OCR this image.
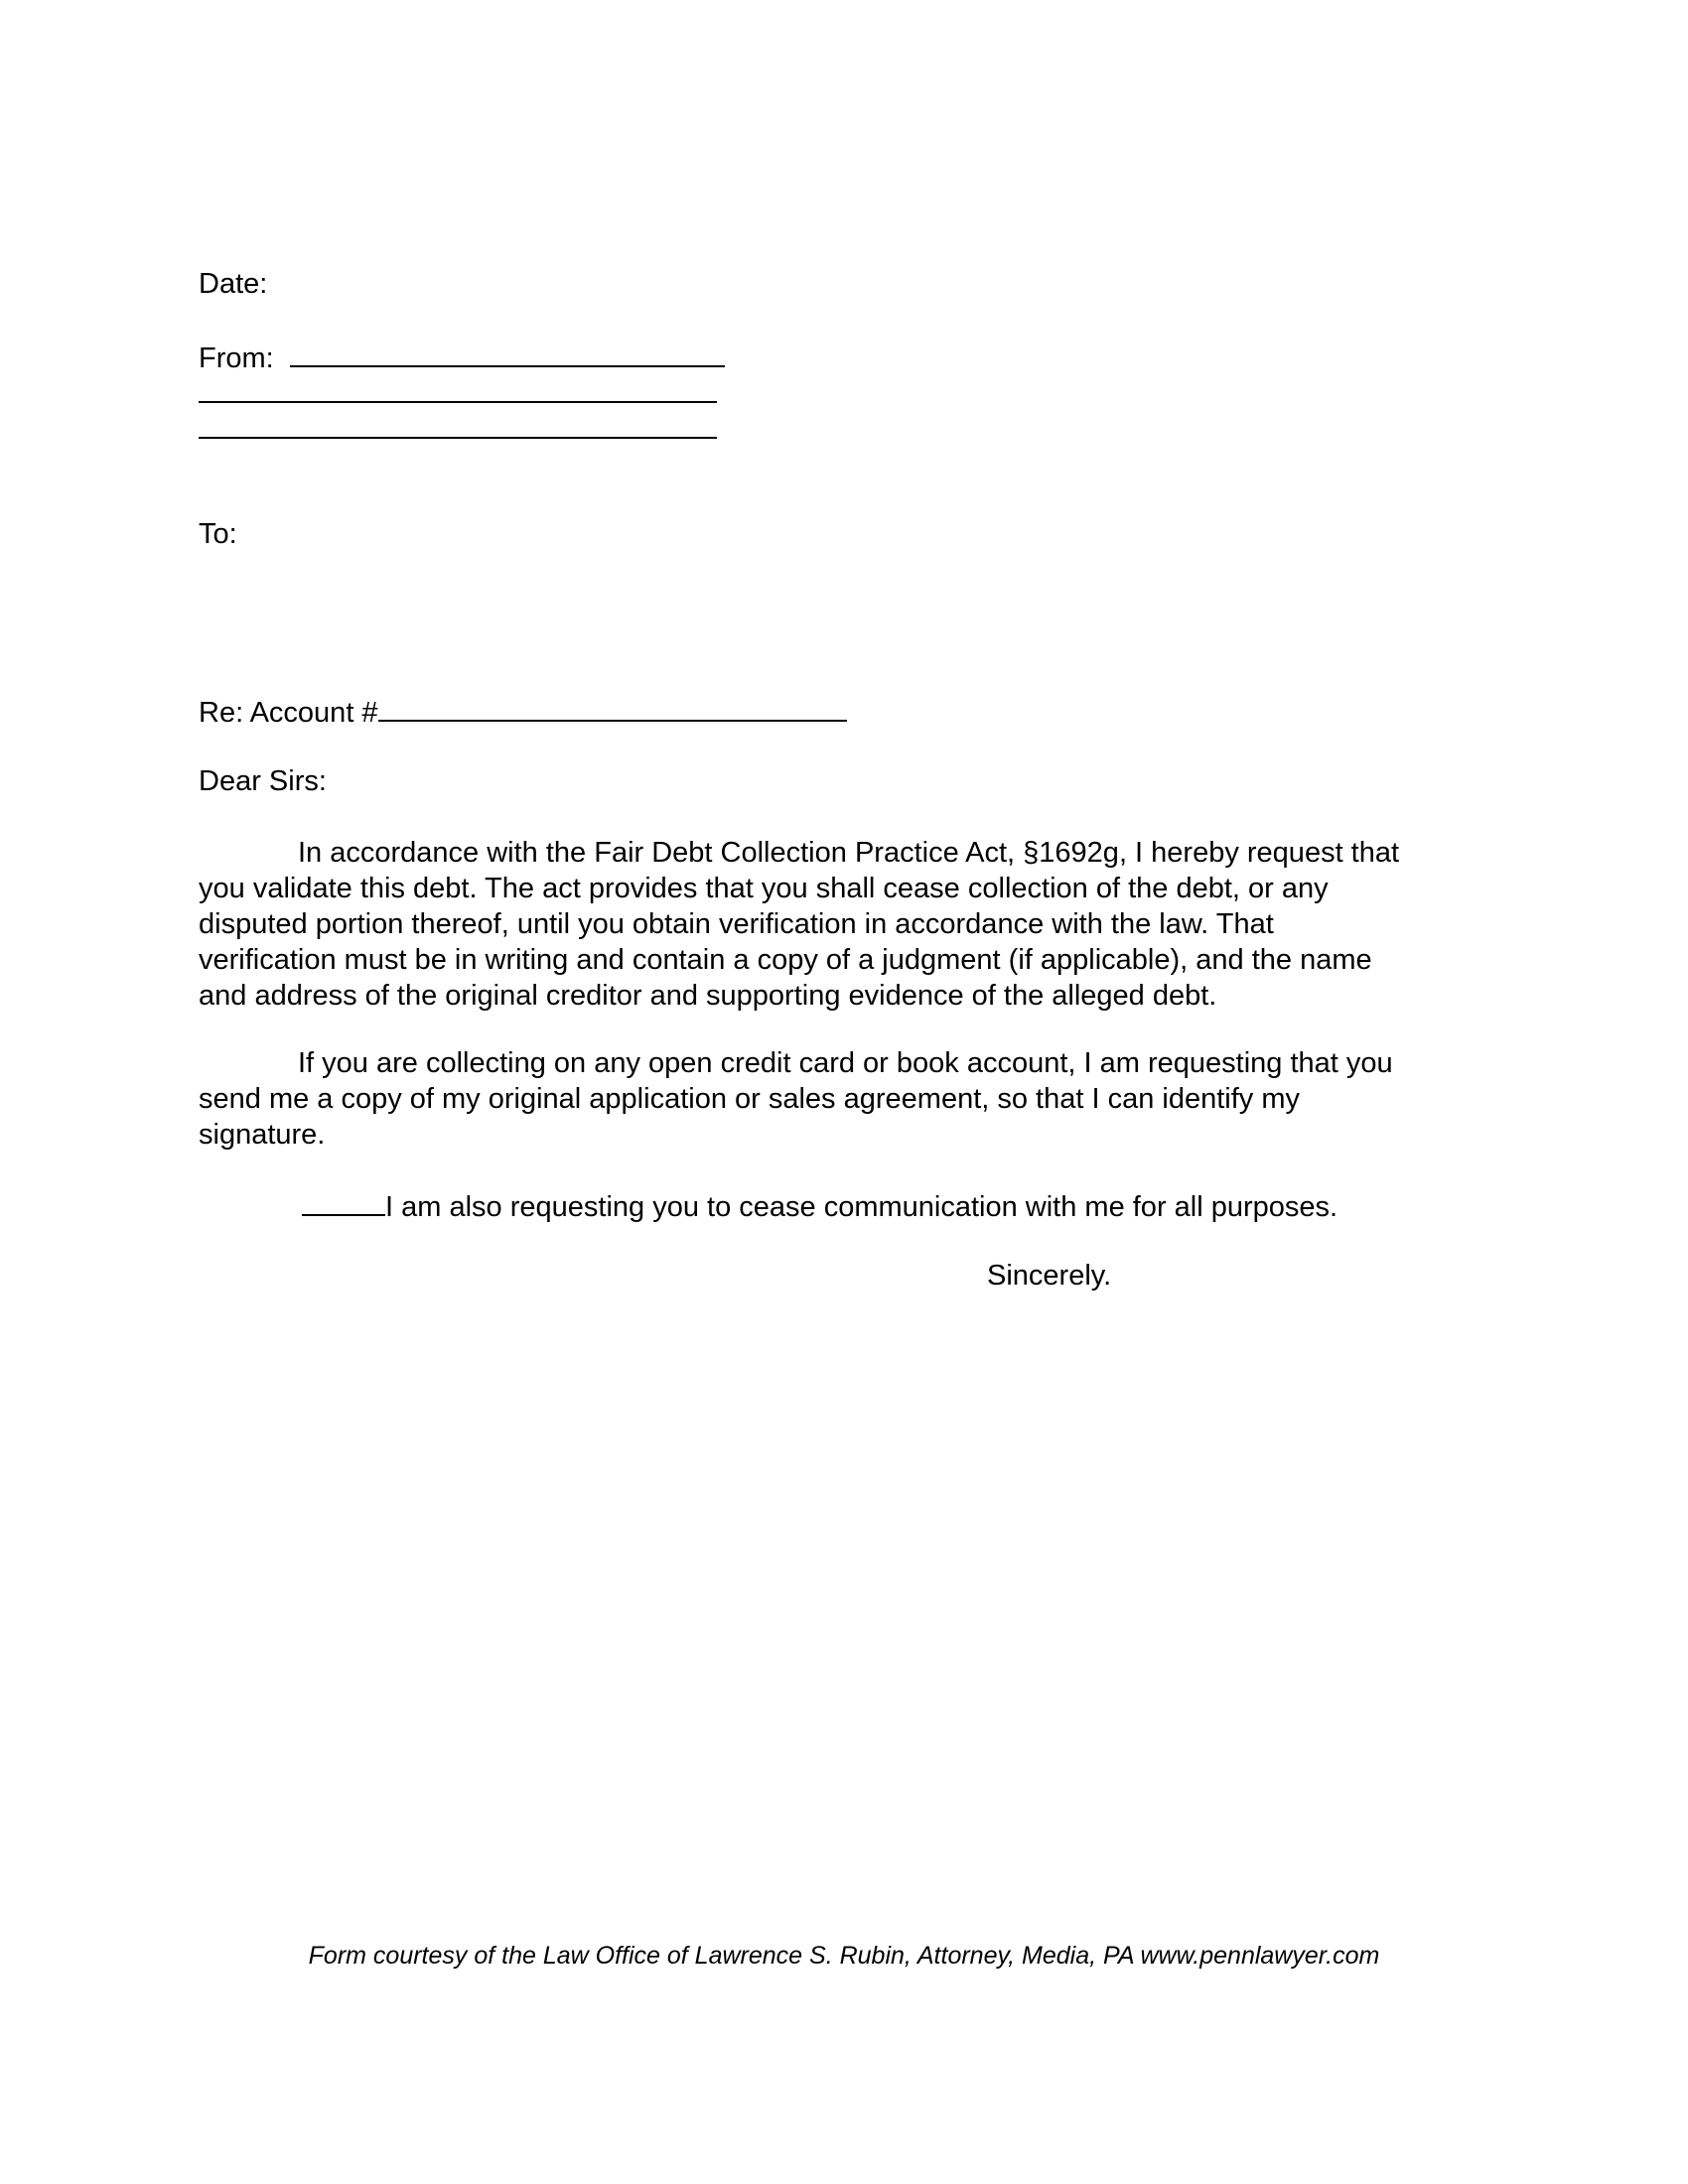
Date:
From:
To:
Re: Account #
Dear Sirs:
In accordance with the Fair Debt Collection Practice Act, §1692g, I hereby request that
you validate this debt. The act provides that you shall cease collection of the debt, or any
disputed portion thereof, until you obtain verification in accordance with the law. That
verification must be in writing and contain a copy of a judgment (if applicable), and the name
and address of the original creditor and supporting evidence of the alleged debt.
If you are collecting on any open credit card or book account, I am requesting that you
send me a copy of my original application or sales agreement, so that I can identify my
signature.
I am also requesting you to cease communication with me for all purposes.
Sincerely.
Form courtesy of the Law Office of Lawrence S. Rubin, Attorney, Media, PA www.pennlawyer.com
